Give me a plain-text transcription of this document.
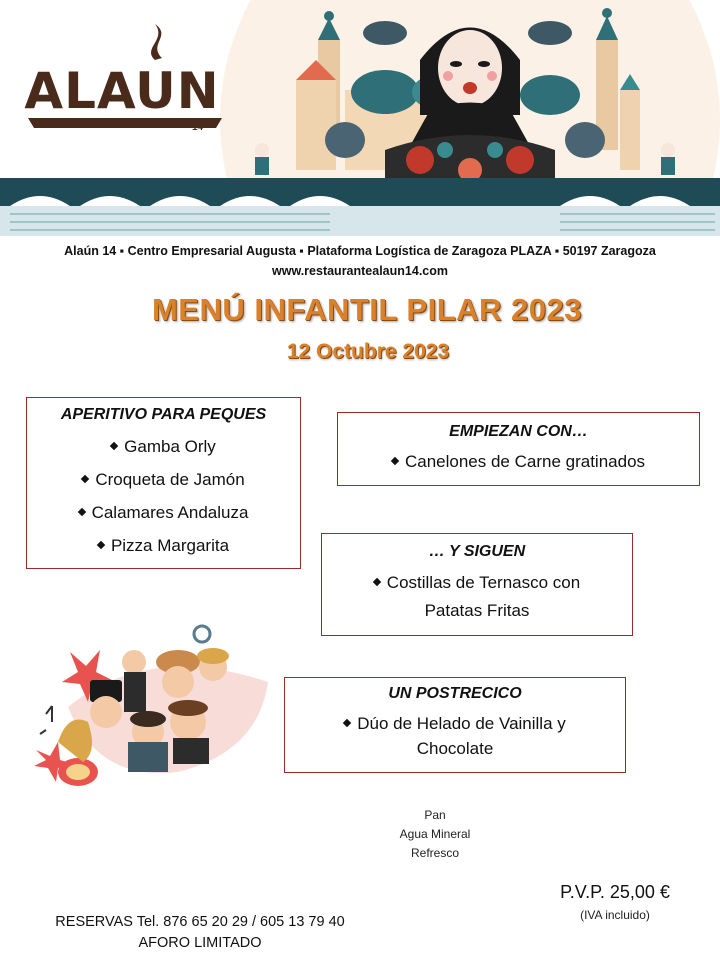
ALAUN
14
Alaún 14 ▪ Centro Empresarial Augusta ▪ Plataforma Logística de Zaragoza PLAZA ▪ 50197 Zaragoza
www.restaurantealaun14.com
MENÚ INFANTIL PILAR 2023
12 Octubre 2023
APERITIVO PARA PEQUES
Gamba Orly
Croqueta de Jamón
Calamares Andaluza
Pizza Margarita
EMPIEZAN CON…
Canelones de Carne gratinados
… Y SIGUEN
Costillas de Ternasco con
Patatas Fritas
UN POSTRECICO
Dúo de Helado de Vainilla y
Chocolate
Pan
Agua Mineral
Refresco
P.V.P. 25,00 €
(IVA incluido)
RESERVAS Tel. 876 65 20 29 / 605 13 79 40
AFORO LIMITADO
